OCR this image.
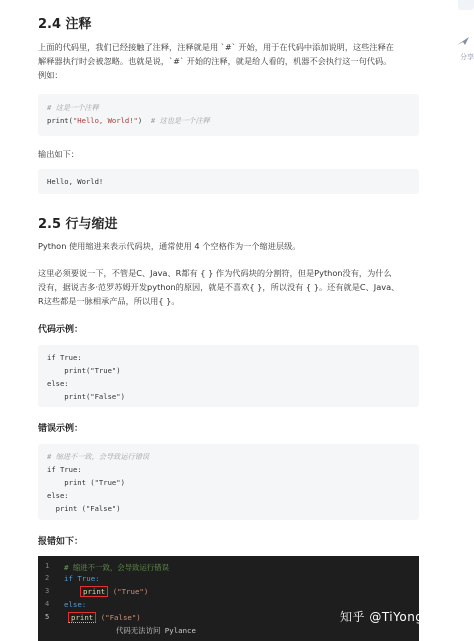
2.4 注释

上面的代码里，我们已经接触了注释，注释就是用 `#` 开始，用于在代码中添加说明，这些注释在

解释器执行时会被忽略。也就是说，`#` 开始的注释，就是给人看的，机器不会执行这一句代码。

例如：

# 这是一个注释
print("Hello, World!") # 这也是一个注释

输出如下：

Hello, World!
2.5 行与缩进

Python 使用缩进来表示代码块，通常使用 4 个空格作为一个缩进层级。

这里必须要说一下，不管是C、Java、R都有 { } 作为代码块的分割符，但是Python没有，为什么

没有，据说吉多·范罗苏姆开发python的原因，就是不喜欢{ }，所以没有 { }。还有就是C、Java、

R这些都是一脉相承产品，所以用{ }。

代码示例：
if True:
print("True")
else:
print("False")
错误示例：
# 缩进不一致，会导致运行错误
if True:
print ("True")
else:
print ("False")
报错如下：
1
2
3
4
5
# 缩进不一致，会导致运行错误
if True:
print ("True")
else:
print ("False")
代码无法访问 Pylance
知乎 @TiYong
分享
